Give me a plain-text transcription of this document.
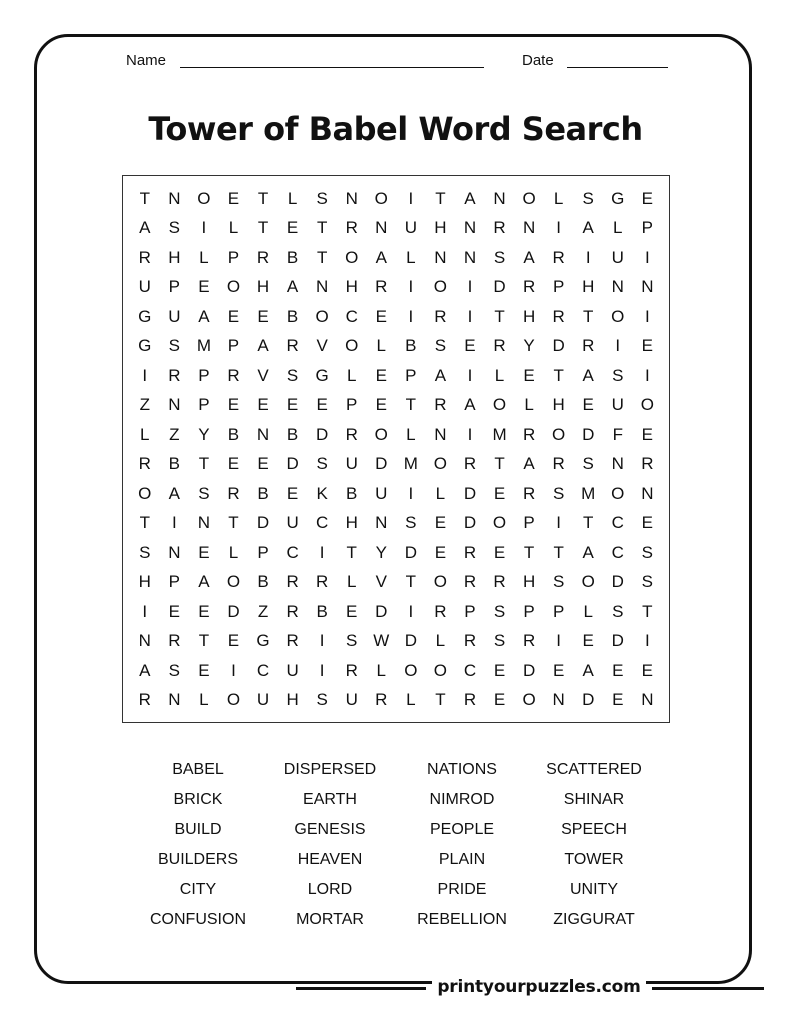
Name	Date
Tower of Babel Word Search
T	N O	E	T	L	S	N O	I	T	A	N O	L	S	G	E
A	S	I	L	T	E	T	R	N	U	H	N	R	N	I	A	L	P
R	H	L	P	R	B	T	O	A	L	N	N	S	A	R	I	U	I
U	P	E	O H	A	N	H	R	I	O	I	D	R	P	H	N	N
G U	A	E	E	B	O C	E	I	R	I	T	H	R	T	O	I
G	S M P	A	R	V	O	L	B	S	E	R	Y	D	R	I	E
I	R	P	R	V	S	G	L	E	P	A	I	L	E	T	A	S	I
Z	N	P	E	E	E	E	P	E	T	R	A	O	L	H	E	U O
L	Z	Y	B	N	B	D	R O	L	N	I	M R O D	F	E
R	B	T	E	E	D	S	U	D M O R	T	A	R	S	N	R
O	A	S	R	B	E	K	B	U	I	L	D	E	R	S M O N
T	I	N	T	D	U	C	H	N	S	E	D O	P	I	T	C	E
S	N	E	L	P	C	I	T	Y	D	E	R	E	T	T	A	C	S
H	P	A	O	B	R	R	L	V	T	O R	R	H	S	O D	S
I	E	E	D	Z	R	B	E	D	I	R	P	S	P	P	L	S	T
N	R	T	E	G R	I	S W D	L	R	S	R	I	E	D	I
A	S	E	I	C	U	I	R	L	O O C	E	D	E	A	E	E
R	N	L	O U	H	S	U	R	L	T	R	E	O N	D	E	N
BABEL	DISPERSED	NATIONS	SCATTERED
BRICK	EARTH	NIMROD	SHINAR
BUILD	GENESIS	PEOPLE	SPEECH
BUILDERS	HEAVEN	PLAIN	TOWER
CITY	LORD	PRIDE	UNITY
CONFUSION	MORTAR	REBELLION	ZIGGURAT
printyourpuzzles.com
